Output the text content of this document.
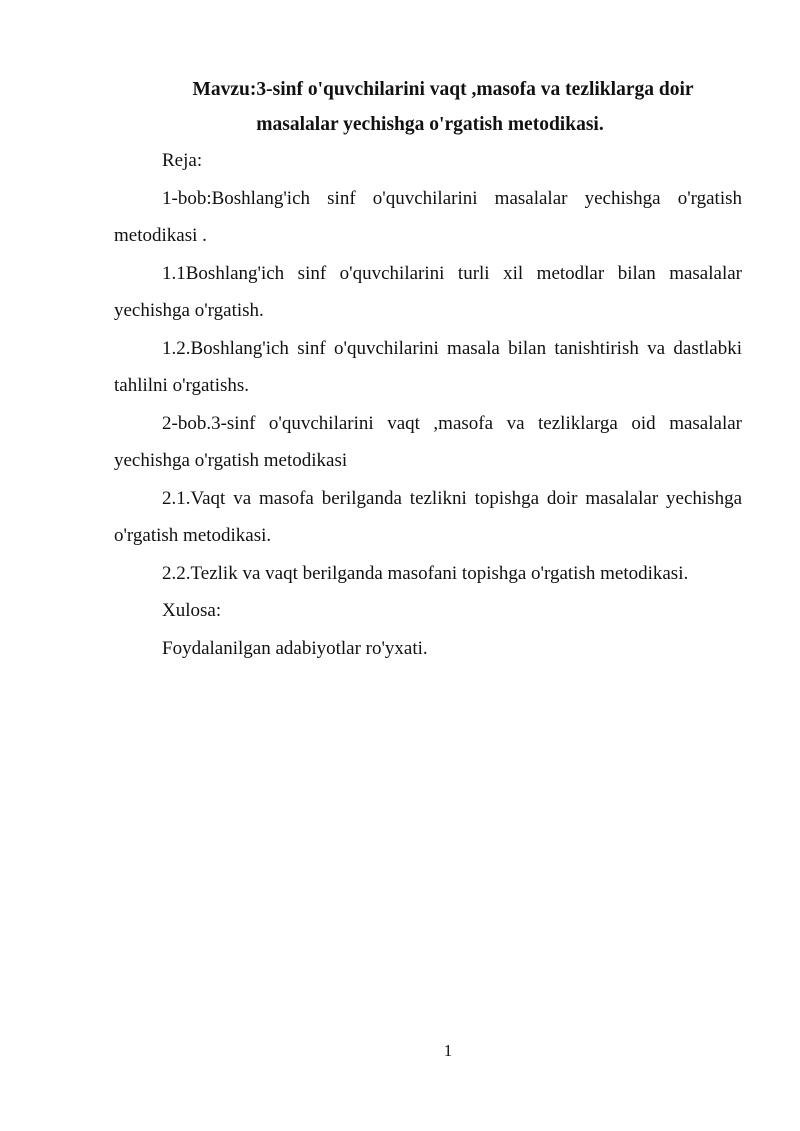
Mavzu:3-sinf o'quvchilarini vaqt ,masofa va tezliklarga doir
masalalar yechishga o'rgatish metodikasi.

Reja:

1-bob:Boshlang'ich sinf o'quvchilarini masalalar yechishga o'rgatish metodikasi .

1.1Boshlang'ich sinf o'quvchilarini turli xil metodlar bilan masalalar yechishga o'rgatish.

1.2.Boshlang'ich sinf o'quvchilarini masala bilan tanishtirish va dastlabki tahlilni o'rgatishs.

2-bob.3-sinf o'quvchilarini vaqt ,masofa va tezliklarga oid masalalar yechishga o'rgatish metodikasi

2.1.Vaqt va masofa berilganda tezlikni topishga doir masalalar yechishga o'rgatish metodikasi.

2.2.Tezlik va vaqt berilganda masofani topishga o'rgatish metodikasi.

Xulosa:

Foydalanilgan adabiyotlar ro'yxati.

1
